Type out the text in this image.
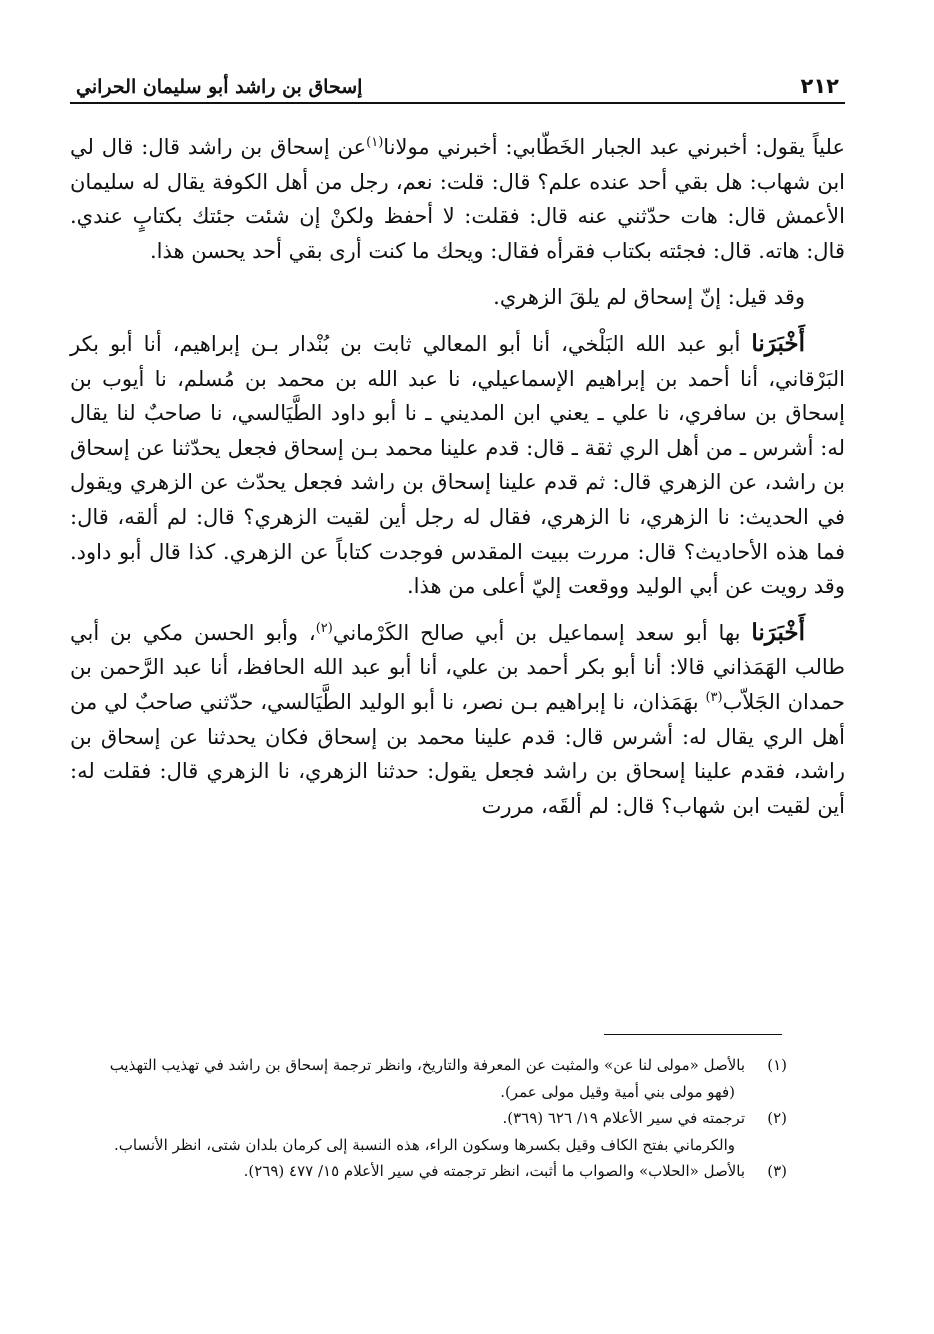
٢١٢
إسحاق بن راشد أبو سليمان الحراني

علياً يقول: أخبرني عبد الجبار الخَطّابي: أخبرني مولانا$^{(١)}$عن إسحاق بن راشد قال: قال لي ابن شهاب: هل بقي أحد عنده علم؟ قال: قلت: نعم، رجل من أهل الكوفة يقال له سليمان الأعمش قال: هات حدّثني عنه قال: فقلت: لا أحفظ ولكنْ إن شئت جئتك بكتابٍ عندي. قال: هاته. قال: فجئته بكتاب فقرأه فقال: ويحك ما كنت أرى بقي أحد يحسن هذا.

وقد قيل: إنّ إسحاق لم يلقَ الزهري.

أَخْبَرَنا أبو عبد الله البَلْخي، أنا أبو المعالي ثابت بن بُنْدار بـن إبراهيم، أنا أبو بكر البَرْقاني، أنا أحمد بن إبراهيم الإسماعيلي، نا عبد الله بن محمد بن مُسلم، نا أيوب بن إسحاق بن سافري، نا علي ـ يعني ابن المديني ـ نا أبو داود الطَّيَالسي، نا صاحبٌ لنا يقال له: أشرس ـ من أهل الري ثقة ـ قال: قدم علينا محمد بـن إسحاق فجعل يحدّثنا عن إسحاق بن راشد، عن الزهري قال: ثم قدم علينا إسحاق بن راشد فجعل يحدّث عن الزهري ويقول في الحديث: نا الزهري، نا الزهري، فقال له رجل أين لقيت الزهري؟ قال: لم ألقه، قال: فما هذه الأحاديث؟ قال: مررت ببيت المقدس فوجدت كتاباً عن الزهري. كذا قال أبو داود. وقد رويت عن أبي الوليد ووقعت إليّ أعلى من هذا.

أَخْبَرَنا بها أبو سعد إسماعيل بن أبي صالح الكَرْماني$^{(٢)}$، وأبو الحسن مكي بن أبي طالب الهَمَذاني قالا: أنا أبو بكر أحمد بن علي، أنا أبو عبد الله الحافظ، أنا عبد الرَّحمن بن حمدان الجَلاّب$^{(٣)}$ بهَمَذان، نا إبراهيم بـن نصر، نا أبو الوليد الطَّيَالسي، حدّثني صاحبٌ لي من أهل الري يقال له: أشرس قال: قدم علينا محمد بن إسحاق فكان يحدثنا عن إسحاق بن راشد، فقدم علينا إسحاق بن راشد فجعل يقول: حدثنا الزهري، نا الزهري قال: فقلت له: أين لقيت ابن شهاب؟ قال: لم ألقَه، مررت

(١)
بالأصل «مولى لنا عن» والمثبت عن المعرفة والتاريخ، وانظر ترجمة إسحاق بن راشد في تهذيب التهذيب
(فهو مولى بني أمية وقيل مولى عمر).
(٢)
ترجمته في سير الأعلام ١٩/ ٦٢٦ (٣٦٩).
والكرماني بفتح الكاف وقيل بكسرها وسكون الراء، هذه النسبة إلى كرمان بلدان شتى، انظر الأنساب.
(٣)
بالأصل «الحلاب» والصواب ما أثبت، انظر ترجمته في سير الأعلام ١٥/ ٤٧٧ (٢٦٩).
